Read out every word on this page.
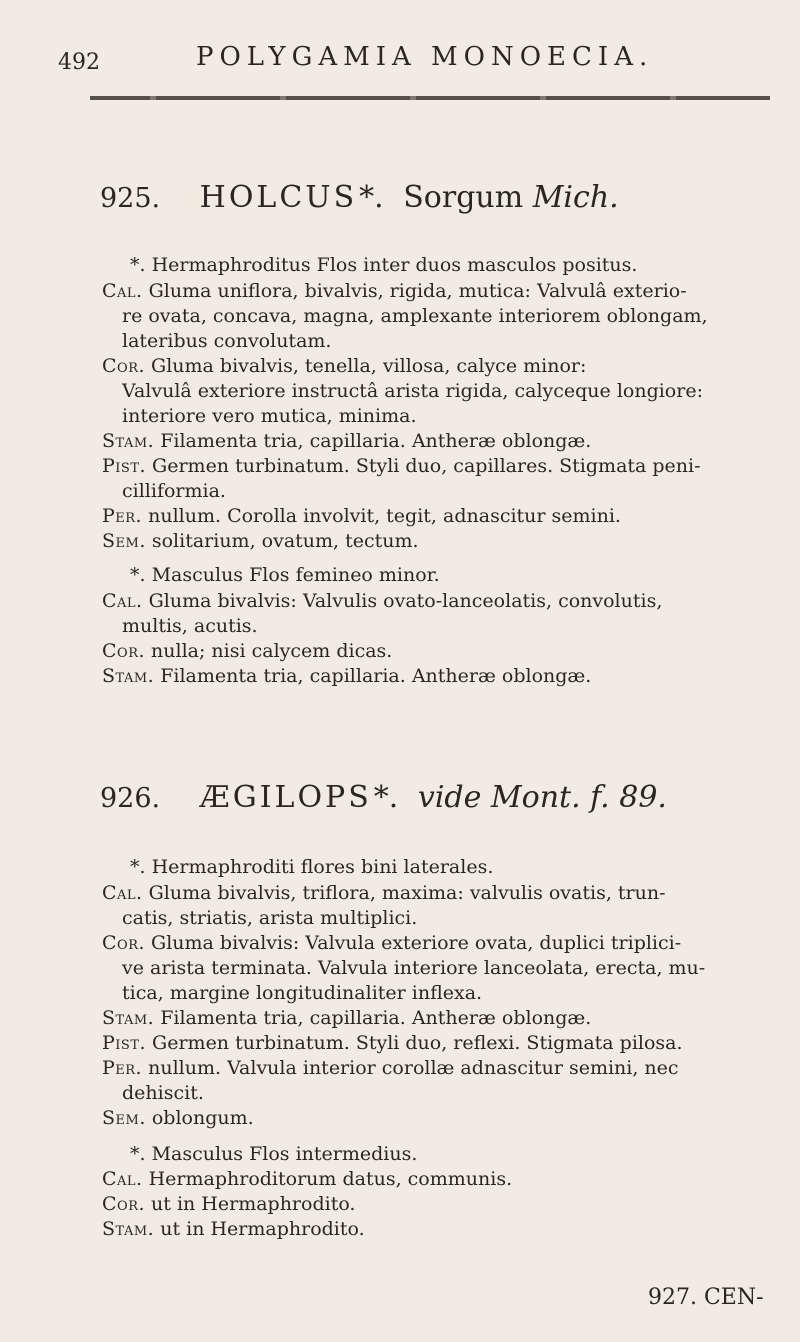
492	POLYGAMIA MONOECIA.
925. HOLCUS*. Sorgum Mich.
*. Hermaphroditus Flos inter duos masculos positus.
Cal. Gluma uniflora, bivalvis, rigida, mutica: Valvulâ exterio-
re ovata, concava, magna, amplexante interiorem oblongam,
lateribus convolutam.
Cor. Gluma bivalvis, tenella, villosa, calyce minor:
Valvulâ exteriore instructâ arista rigida, calyceque longiore:
interiore vero mutica, minima.
Stam. Filamenta tria, capillaria. Antheræ oblongæ.
Pist. Germen turbinatum. Styli duo, capillares. Stigmata peni-
cilliformia.
Per. nullum. Corolla involvit, tegit, adnascitur semini.
Sem. solitarium, ovatum, tectum.
*. Masculus Flos femineo minor.
Cal. Gluma bivalvis: Valvulis ovato-lanceolatis, convolutis,
multis, acutis.
Cor. nulla; nisi calycem dicas.
Stam. Filamenta tria, capillaria. Antheræ oblongæ.
926. ÆGILOPS*. vide Mont. f. 89.
*. Hermaphroditi flores bini laterales.
Cal. Gluma bivalvis, triflora, maxima: valvulis ovatis, trun-
catis, striatis, arista multiplici.
Cor. Gluma bivalvis: Valvula exteriore ovata, duplici triplici-
ve arista terminata. Valvula interiore lanceolata, erecta, mu-
tica, margine longitudinaliter inflexa.
Stam. Filamenta tria, capillaria. Antheræ oblongæ.
Pist. Germen turbinatum. Styli duo, reflexi. Stigmata pilosa.
Per. nullum. Valvula interior corollæ adnascitur semini, nec
dehiscit.
Sem. oblongum.
*. Masculus Flos intermedius.
Cal. Hermaphroditorum datus, communis.
Cor. ut in Hermaphrodito.
Stam. ut in Hermaphrodito.
927. CEN-
